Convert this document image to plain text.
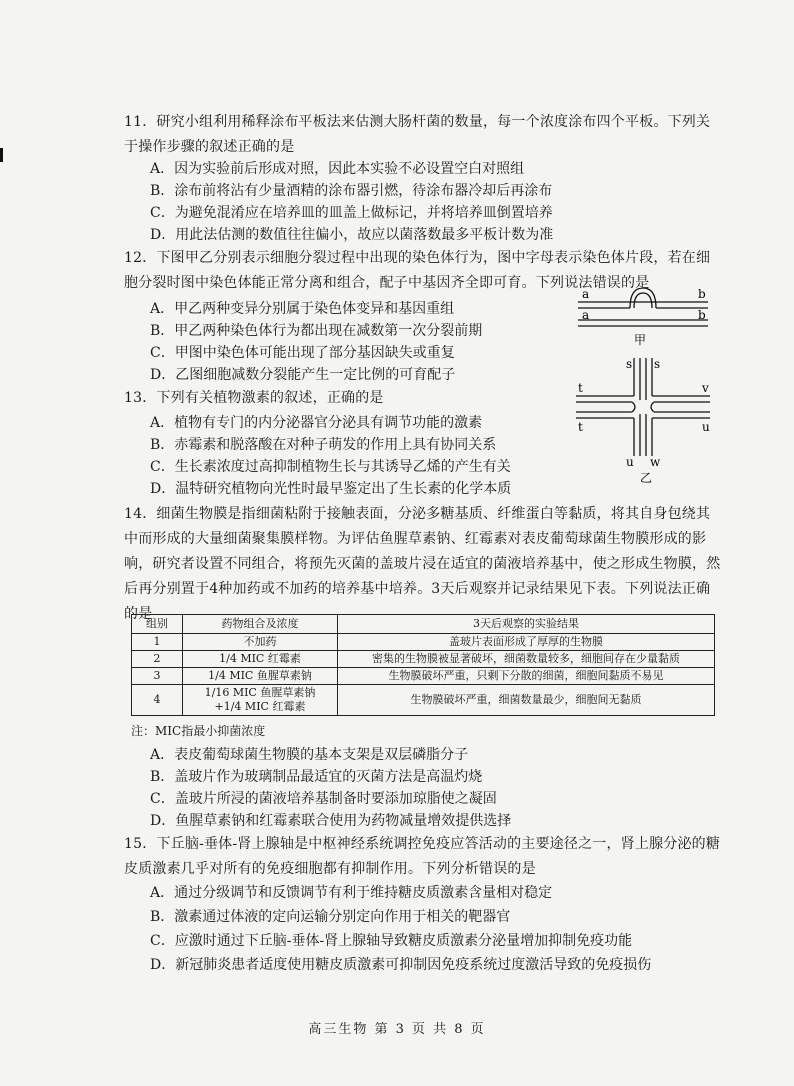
11．研究小组利用稀释涂布平板法来估测大肠杆菌的数量，每一个浓度涂布四个平板。下列关于操作步骤的叙述正确的是
A．因为实验前后形成对照，因此本实验不必设置空白对照组
B．涂布前将沾有少量酒精的涂布器引燃，待涂布器冷却后再涂布
C．为避免混淆应在培养皿的皿盖上做标记，并将培养皿倒置培养
D．用此法估测的数值往往偏小，故应以菌落数最多平板计数为准
12．下图甲乙分别表示细胞分裂过程中出现的染色体行为，图中字母表示染色体片段，若在细胞分裂时图中染色体能正常分离和组合，配子中基因齐全即可育。下列说法错误的是
A．甲乙两种变异分别属于染色体变异和基因重组
B．甲乙两种染色体行为都出现在减数第一次分裂前期
C．甲图中染色体可能出现了部分基因缺失或重复
D．乙图细胞减数分裂能产生一定比例的可育配子
a	b
a	b
甲
t
t
s s
v
u
u w
乙
13．下列有关植物激素的叙述，正确的是
A．植物有专门的内分泌器官分泌具有调节功能的激素
B．赤霉素和脱落酸在对种子萌发的作用上具有协同关系
C．生长素浓度过高抑制植物生长与其诱导乙烯的产生有关
D．温特研究植物向光性时最早鉴定出了生长素的化学本质
14．细菌生物膜是指细菌粘附于接触表面，分泌多糖基质、纤维蛋白等黏质，将其自身包绕其中而形成的大量细菌聚集膜样物。为评估鱼腥草素钠、红霉素对表皮葡萄球菌生物膜形成的影响，研究者设置不同组合，将预先灭菌的盖玻片浸在适宜的菌液培养基中，使之形成生物膜，然后再分别置于4种加药或不加药的培养基中培养。3天后观察并记录结果见下表。下列说法正确的是
组别	药物组合及浓度	3天后观察的实验结果
1	不加药	盖玻片表面形成了厚厚的生物膜
2	1/4 MIC 红霉素	密集的生物膜被显著破坏，细菌数量较多，细胞间存在少量黏质
3	1/4 MIC 鱼腥草素钠	生物膜破坏严重，只剩下分散的细菌，细胞间黏质不易见
4	1/16 MIC 鱼腥草素钠
+1/4 MIC 红霉素	生物膜破坏严重，细菌数量最少，细胞间无黏质
注：MIC指最小抑菌浓度
A．表皮葡萄球菌生物膜的基本支架是双层磷脂分子
B．盖玻片作为玻璃制品最适宜的灭菌方法是高温灼烧
C．盖玻片所浸的菌液培养基制备时要添加琼脂使之凝固
D．鱼腥草素钠和红霉素联合使用为药物减量增效提供选择
15．下丘脑-垂体-肾上腺轴是中枢神经系统调控免疫应答活动的主要途径之一，肾上腺分泌的糖皮质激素几乎对所有的免疫细胞都有抑制作用。下列分析错误的是
A．通过分级调节和反馈调节有利于维持糖皮质激素含量相对稳定
B．激素通过体液的定向运输分别定向作用于相关的靶器官
C．应激时通过下丘脑-垂体-肾上腺轴导致糖皮质激素分泌量增加抑制免疫功能
D．新冠肺炎患者适度使用糖皮质激素可抑制因免疫系统过度激活导致的免疫损伤
高三生物 第 3 页 共 8 页
